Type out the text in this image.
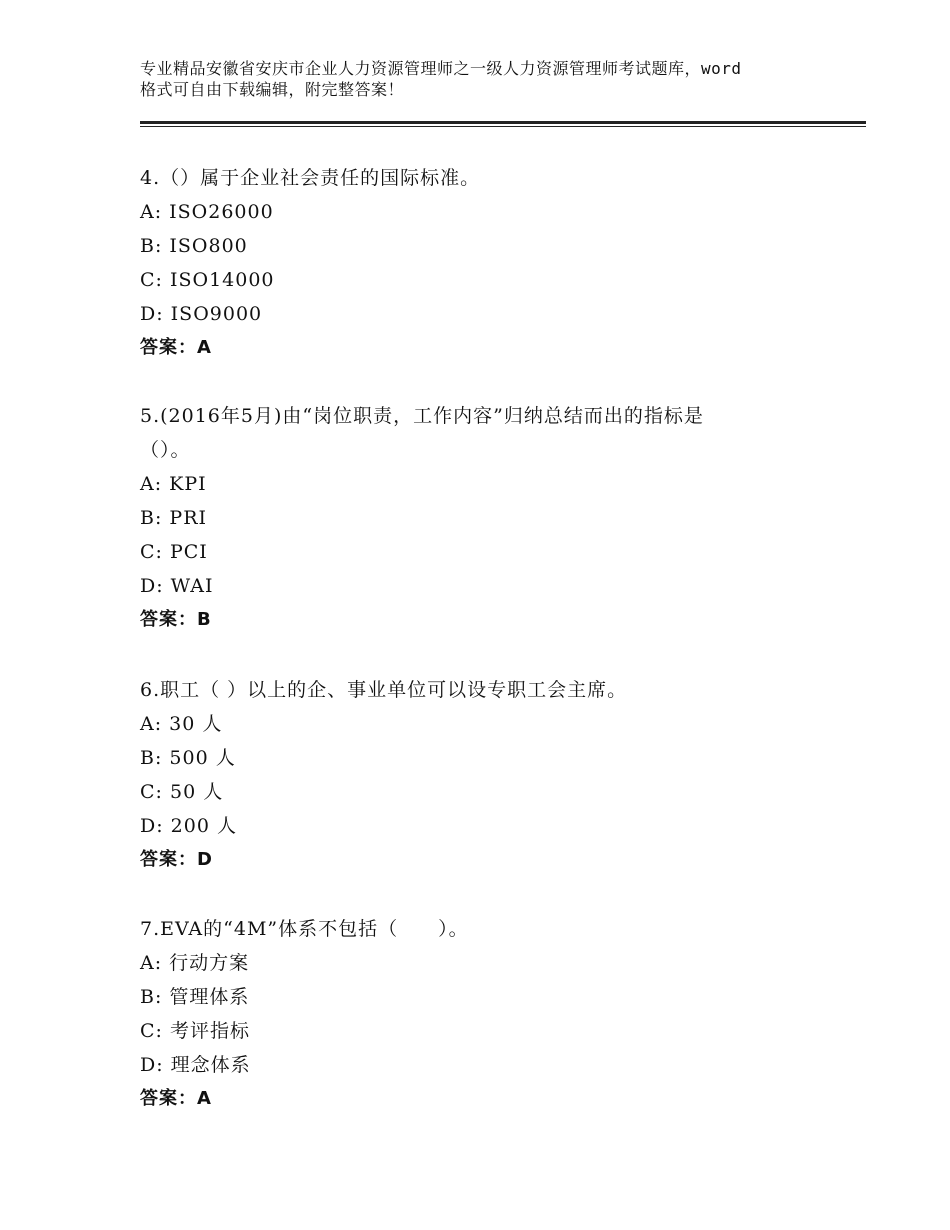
专业精品安徽省安庆市企业人力资源管理师之一级人力资源管理师考试题库，word
格式可自由下载编辑，附完整答案！
4.（）属于企业社会责任的国际标准。
A: ISO26000
B: ISO800
C: ISO14000
D: ISO9000
答案：A
5.(2016年5月)由“岗位职责，工作内容”归纳总结而出的指标是
（）。
A: KPI
B: PRI
C: PCI
D: WAI
答案：B
6.职工（ ）以上的企、事业单位可以设专职工会主席。
A: 30 人
B: 500 人
C: 50 人
D: 200 人
答案：D
7.EVA的“4M”体系不包括（　　）。
A: 行动方案
B: 管理体系
C: 考评指标
D: 理念体系
答案：A
